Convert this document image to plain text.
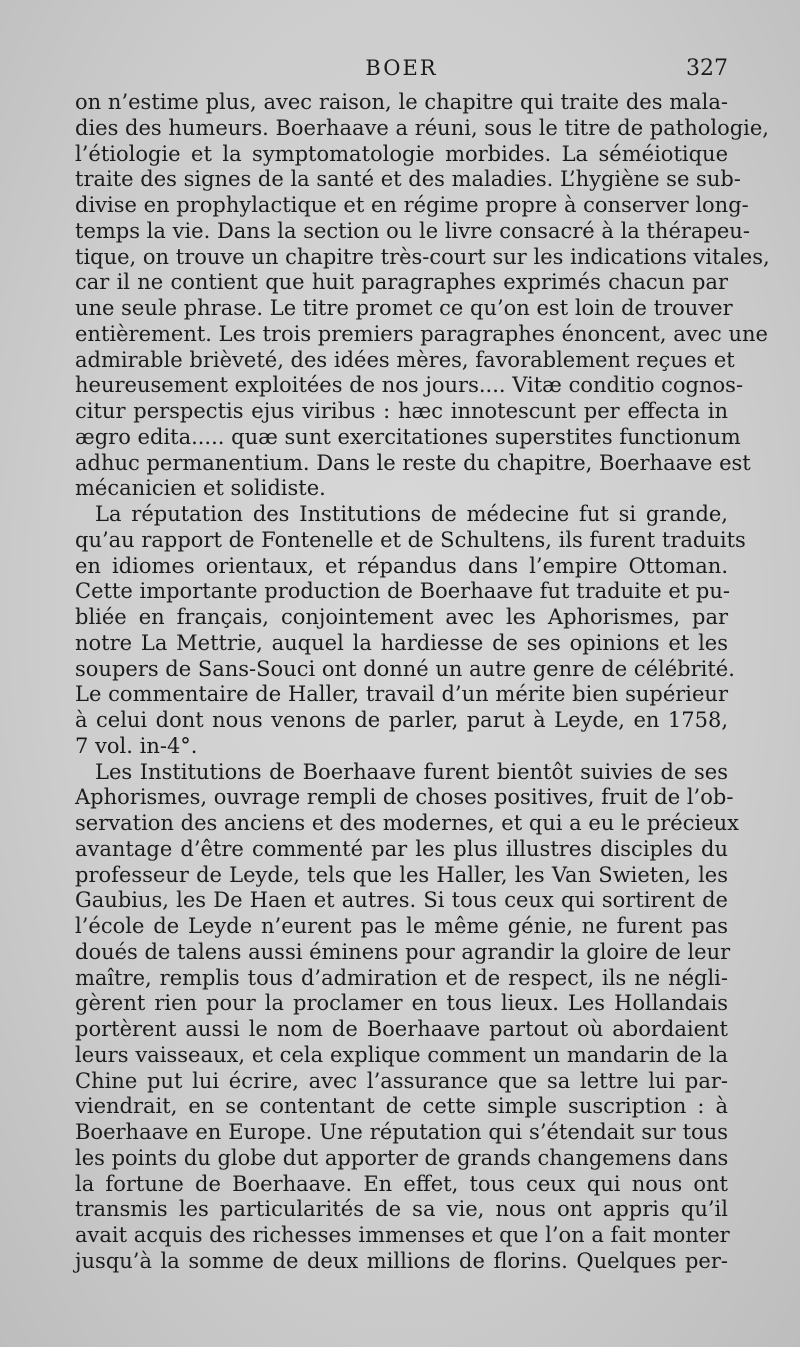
BOER	327

on n’estime plus, avec raison, le chapitre qui traite des mala-
dies des humeurs. Boerhaave a réuni, sous le titre de pathologie,
l’étiologie et la symptomatologie morbides. La séméiotique
traite des signes de la santé et des maladies. L’hygiène se sub-
divise en prophylactique et en régime propre à conserver long-
temps la vie. Dans la section ou le livre consacré à la thérapeu-
tique, on trouve un chapitre très-court sur les indications vitales,
car il ne contient que huit paragraphes exprimés chacun par
une seule phrase. Le titre promet ce qu’on est loin de trouver
entièrement. Les trois premiers paragraphes énoncent, avec une
admirable brièveté, des idées mères, favorablement reçues et
heureusement exploitées de nos jours.... Vitæ conditio cognos-
citur perspectis ejus viribus : hæc innotescunt per effecta in
ægro edita..... quæ sunt exercitationes superstites functionum
adhuc permanentium. Dans le reste du chapitre, Boerhaave est
mécanicien et solidiste.

La réputation des Institutions de médecine fut si grande,
qu’au rapport de Fontenelle et de Schultens, ils furent traduits
en idiomes orientaux, et répandus dans l’empire Ottoman.
Cette importante production de Boerhaave fut traduite et pu-
bliée en français, conjointement avec les Aphorismes, par
notre La Mettrie, auquel la hardiesse de ses opinions et les
soupers de Sans-Souci ont donné un autre genre de célébrité.
Le commentaire de Haller, travail d’un mérite bien supérieur
à celui dont nous venons de parler, parut à Leyde, en 1758,
7 vol. in-4°.

Les Institutions de Boerhaave furent bientôt suivies de ses
Aphorismes, ouvrage rempli de choses positives, fruit de l’ob-
servation des anciens et des modernes, et qui a eu le précieux
avantage d’être commenté par les plus illustres disciples du
professeur de Leyde, tels que les Haller, les Van Swieten, les
Gaubius, les De Haen et autres. Si tous ceux qui sortirent de
l’école de Leyde n’eurent pas le même génie, ne furent pas
doués de talens aussi éminens pour agrandir la gloire de leur
maître, remplis tous d’admiration et de respect, ils ne négli-
gèrent rien pour la proclamer en tous lieux. Les Hollandais
portèrent aussi le nom de Boerhaave partout où abordaient
leurs vaisseaux, et cela explique comment un mandarin de la
Chine put lui écrire, avec l’assurance que sa lettre lui par-
viendrait, en se contentant de cette simple suscription : à
Boerhaave en Europe. Une réputation qui s’étendait sur tous
les points du globe dut apporter de grands changemens dans
la fortune de Boerhaave. En effet, tous ceux qui nous ont
transmis les particularités de sa vie, nous ont appris qu’il
avait acquis des richesses immenses et que l’on a fait monter
jusqu’à la somme de deux millions de florins. Quelques per-
